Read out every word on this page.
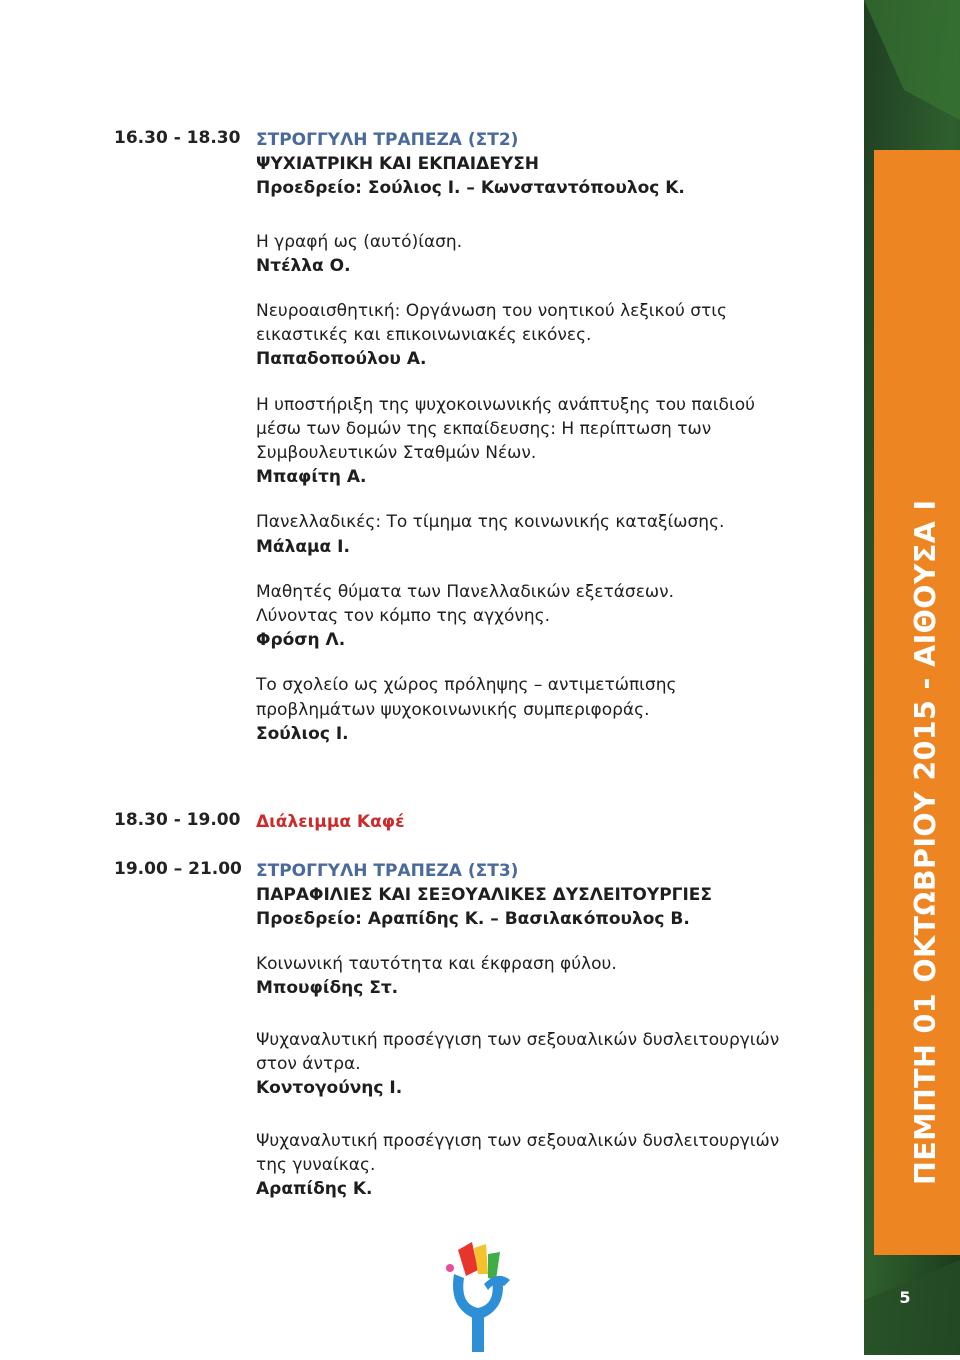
ΠΕΜΠΤΗ 01 ΟΚΤΩΒΡΙΟΥ 2015 - ΑΙΘΟΥΣΑ Ι
5
16.30 - 18.30 ΣΤΡΟΓΓΥΛΗ ΤΡΑΠΕΖΑ (ΣΤ2)
ΨΥΧΙΑΤΡΙΚΗ ΚΑΙ ΕΚΠΑΙΔΕΥΣΗ
Προεδρείο: Σούλιος Ι. – Κωνσταντόπουλος Κ.
Η γραφή ως (αυτό)ίαση.
Ντέλλα Ο.
Νευροαισθητική: Οργάνωση του νοητικού λεξικού στις
εικαστικές και επικοινωνιακές εικόνες.
Παπαδοπούλου Α.
Η υποστήριξη της ψυχοκοινωνικής ανάπτυξης του παιδιού
μέσω των δομών της εκπαίδευσης: Η περίπτωση των
Συμβουλευτικών Σταθμών Νέων.
Μπαφίτη Α.
Πανελλαδικές: Το τίμημα της κοινωνικής καταξίωσης.
Μάλαμα Ι.
Μαθητές θύματα των Πανελλαδικών εξετάσεων.
Λύνοντας τον κόμπο της αγχόνης.
Φρόση Λ.
Το σχολείο ως χώρος πρόληψης – αντιμετώπισης
προβλημάτων ψυχοκοινωνικής συμπεριφοράς.
Σούλιος Ι.
18.30 - 19.00 Διάλειμμα Καφέ
19.00 – 21.00 ΣΤΡΟΓΓΥΛΗ ΤΡΑΠΕΖΑ (ΣΤ3)
ΠΑΡΑΦΙΛΙΕΣ ΚΑΙ ΣΕΞΟΥΑΛΙΚΕΣ ΔΥΣΛΕΙΤΟΥΡΓΙΕΣ
Προεδρείο: Αραπίδης Κ. – Βασιλακόπουλος Β.
Κοινωνική ταυτότητα και έκφραση φύλου.
Μπουφίδης Στ.
Ψυχαναλυτική προσέγγιση των σεξουαλικών δυσλειτουργιών
στον άντρα.
Κοντογούνης Ι.
Ψυχαναλυτική προσέγγιση των σεξουαλικών δυσλειτουργιών
της γυναίκας.
Αραπίδης Κ.
